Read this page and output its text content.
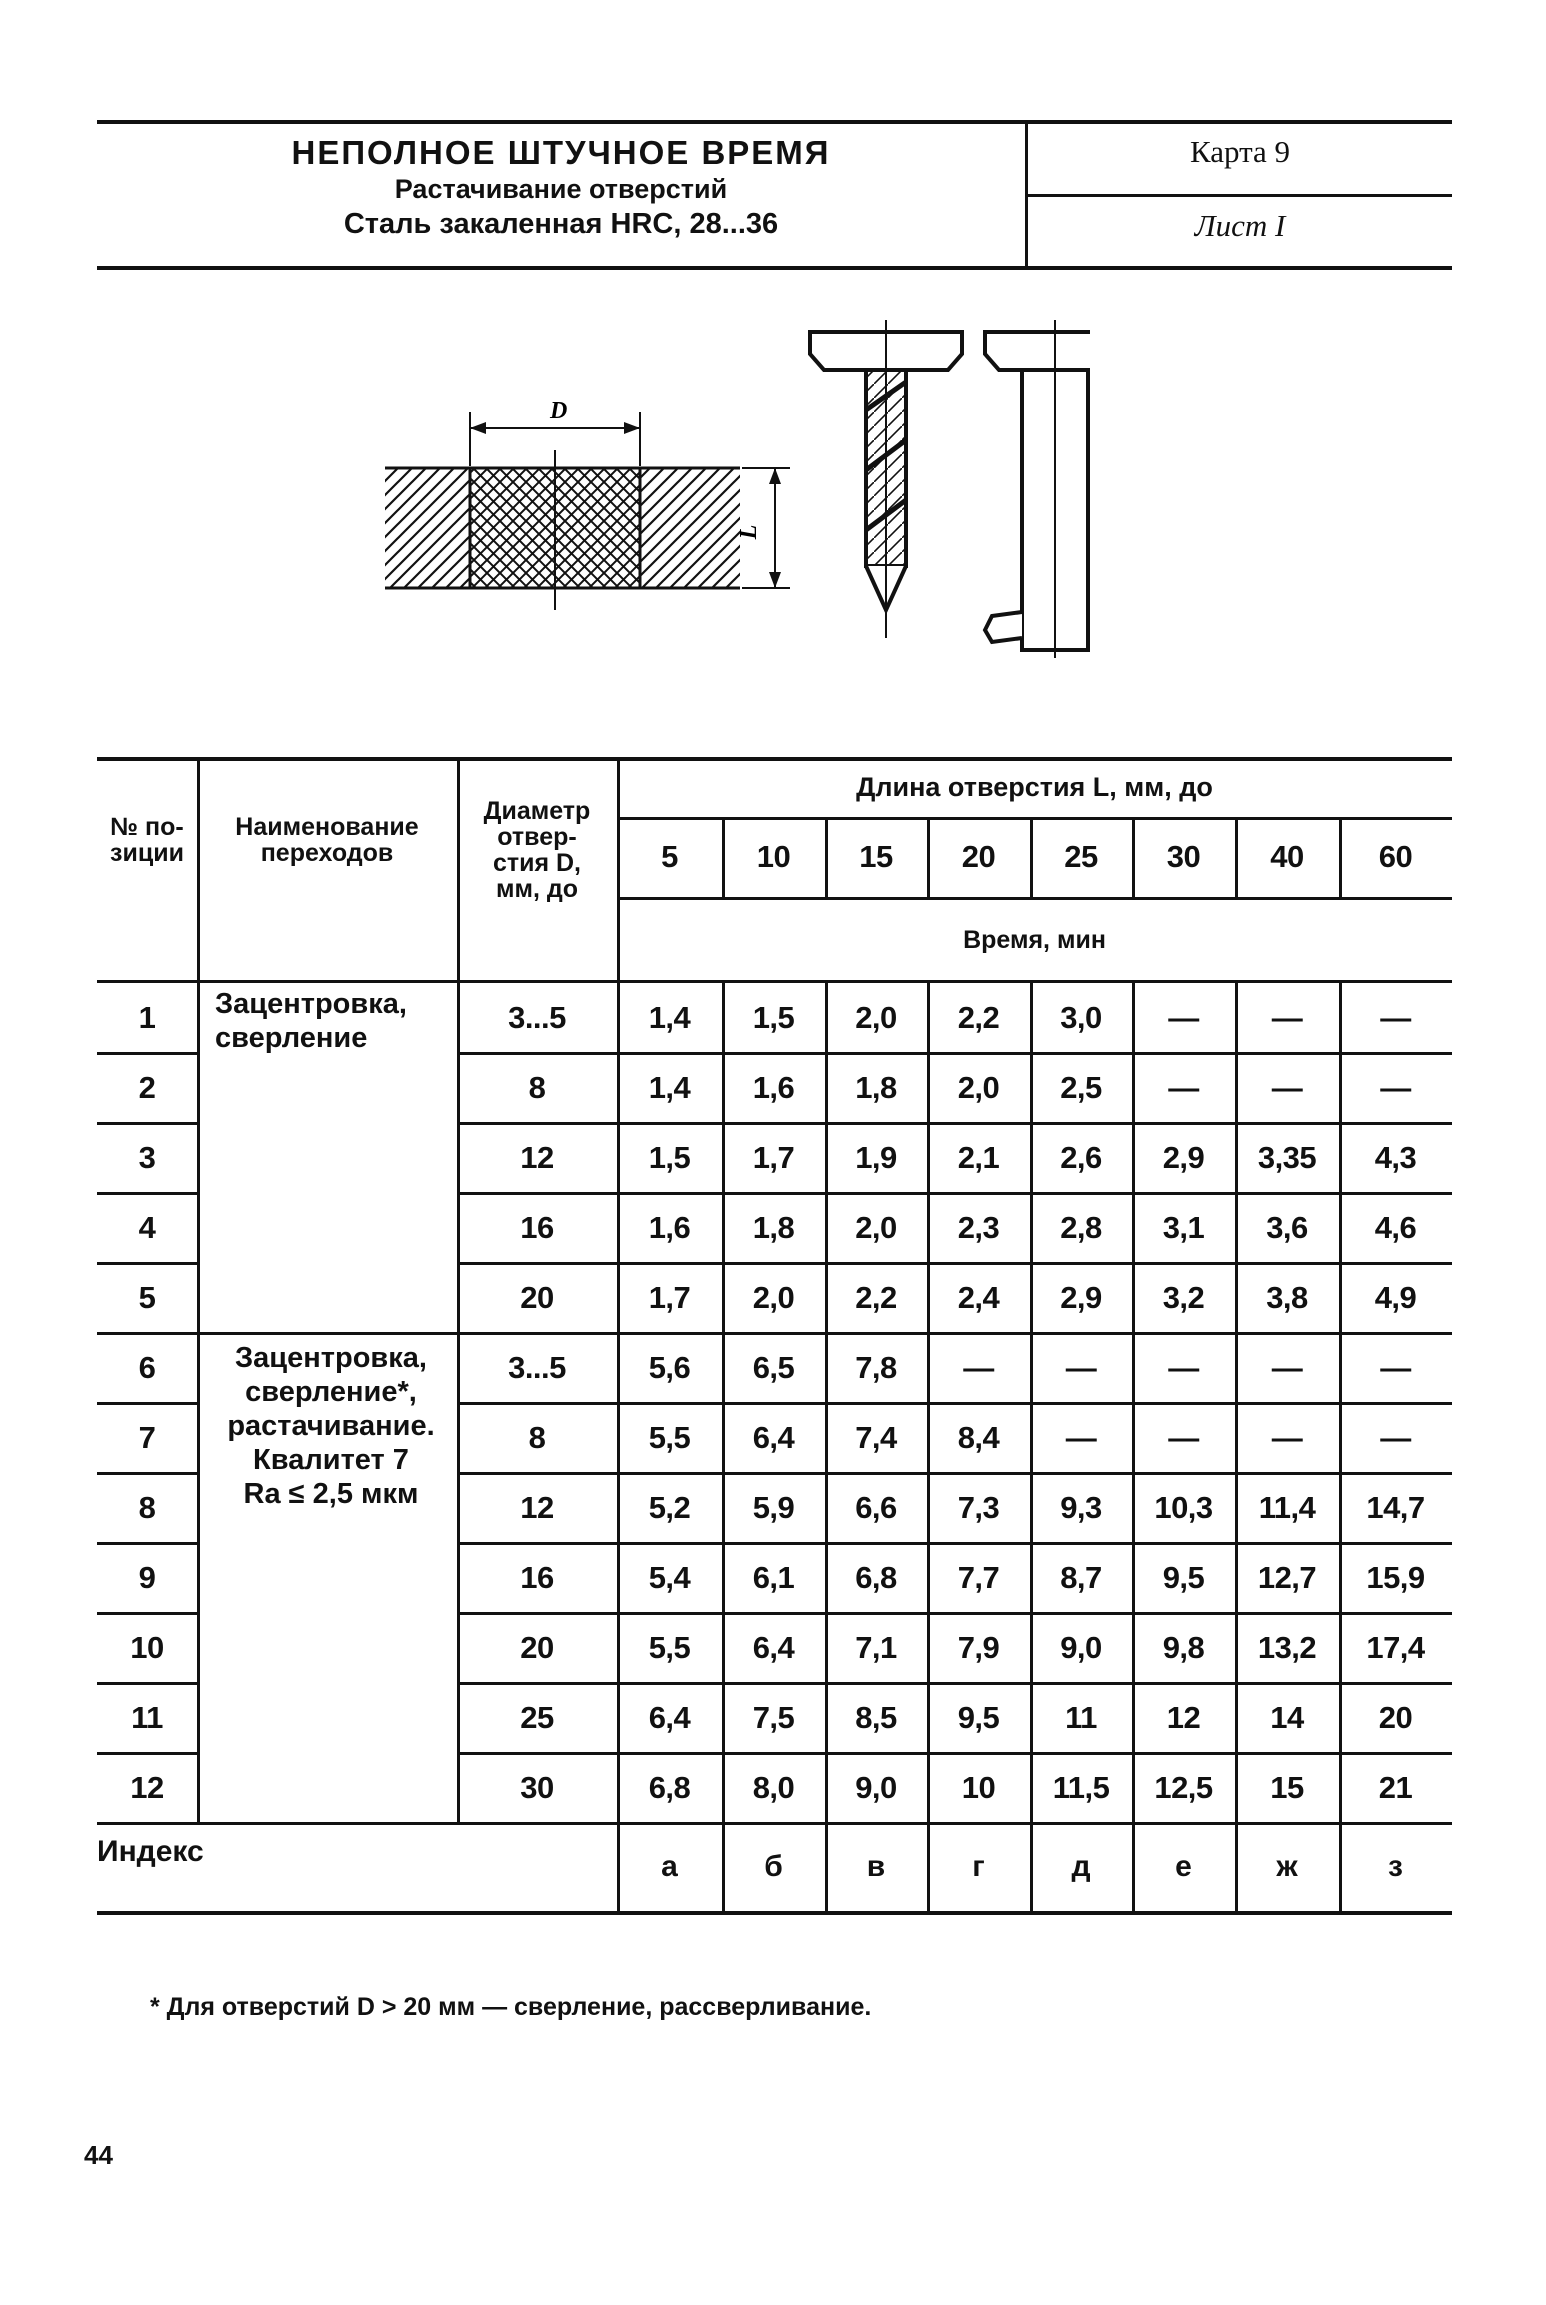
НЕПОЛНОЕ ШТУЧНОЕ ВРЕМЯ
Растачивание отверстий
Сталь закаленная HRC, 28...36
Карта 9
Лист I
D
L
№ по-
зиции
Наименование
переходов
Диаметр
отвер-
стия D,
мм, до
Длина отверстия L, мм, до
5	10	15	20	25	30	40	60
Время, мин
Зацентровка,
сверление
Зацентровка,
сверление*,
растачивание.
Квалитет 7
Ra ≤ 2,5 мкм
1	3...5	1,4	1,5	2,0	2,2	3,0	—	—	—
2	8	1,4	1,6	1,8	2,0	2,5	—	—	—
3	12	1,5	1,7	1,9	2,1	2,6	2,9	3,35	4,3
4	16	1,6	1,8	2,0	2,3	2,8	3,1	3,6	4,6
5	20	1,7	2,0	2,2	2,4	2,9	3,2	3,8	4,9
6	3...5	5,6	6,5	7,8	—	—	—	—	—
7	8	5,5	6,4	7,4	8,4	—	—	—	—
8	12	5,2	5,9	6,6	7,3	9,3	10,3	11,4	14,7
9	16	5,4	6,1	6,8	7,7	8,7	9,5	12,7	15,9
10	20	5,5	6,4	7,1	7,9	9,0	9,8	13,2	17,4
11	25	6,4	7,5	8,5	9,5	11	12	14	20
12	30	6,8	8,0	9,0	10	11,5	12,5	15	21
Индекс	а	б	в	г	д	е	ж	з
* Для отверстий D > 20 мм — сверление, рассверливание.
44
